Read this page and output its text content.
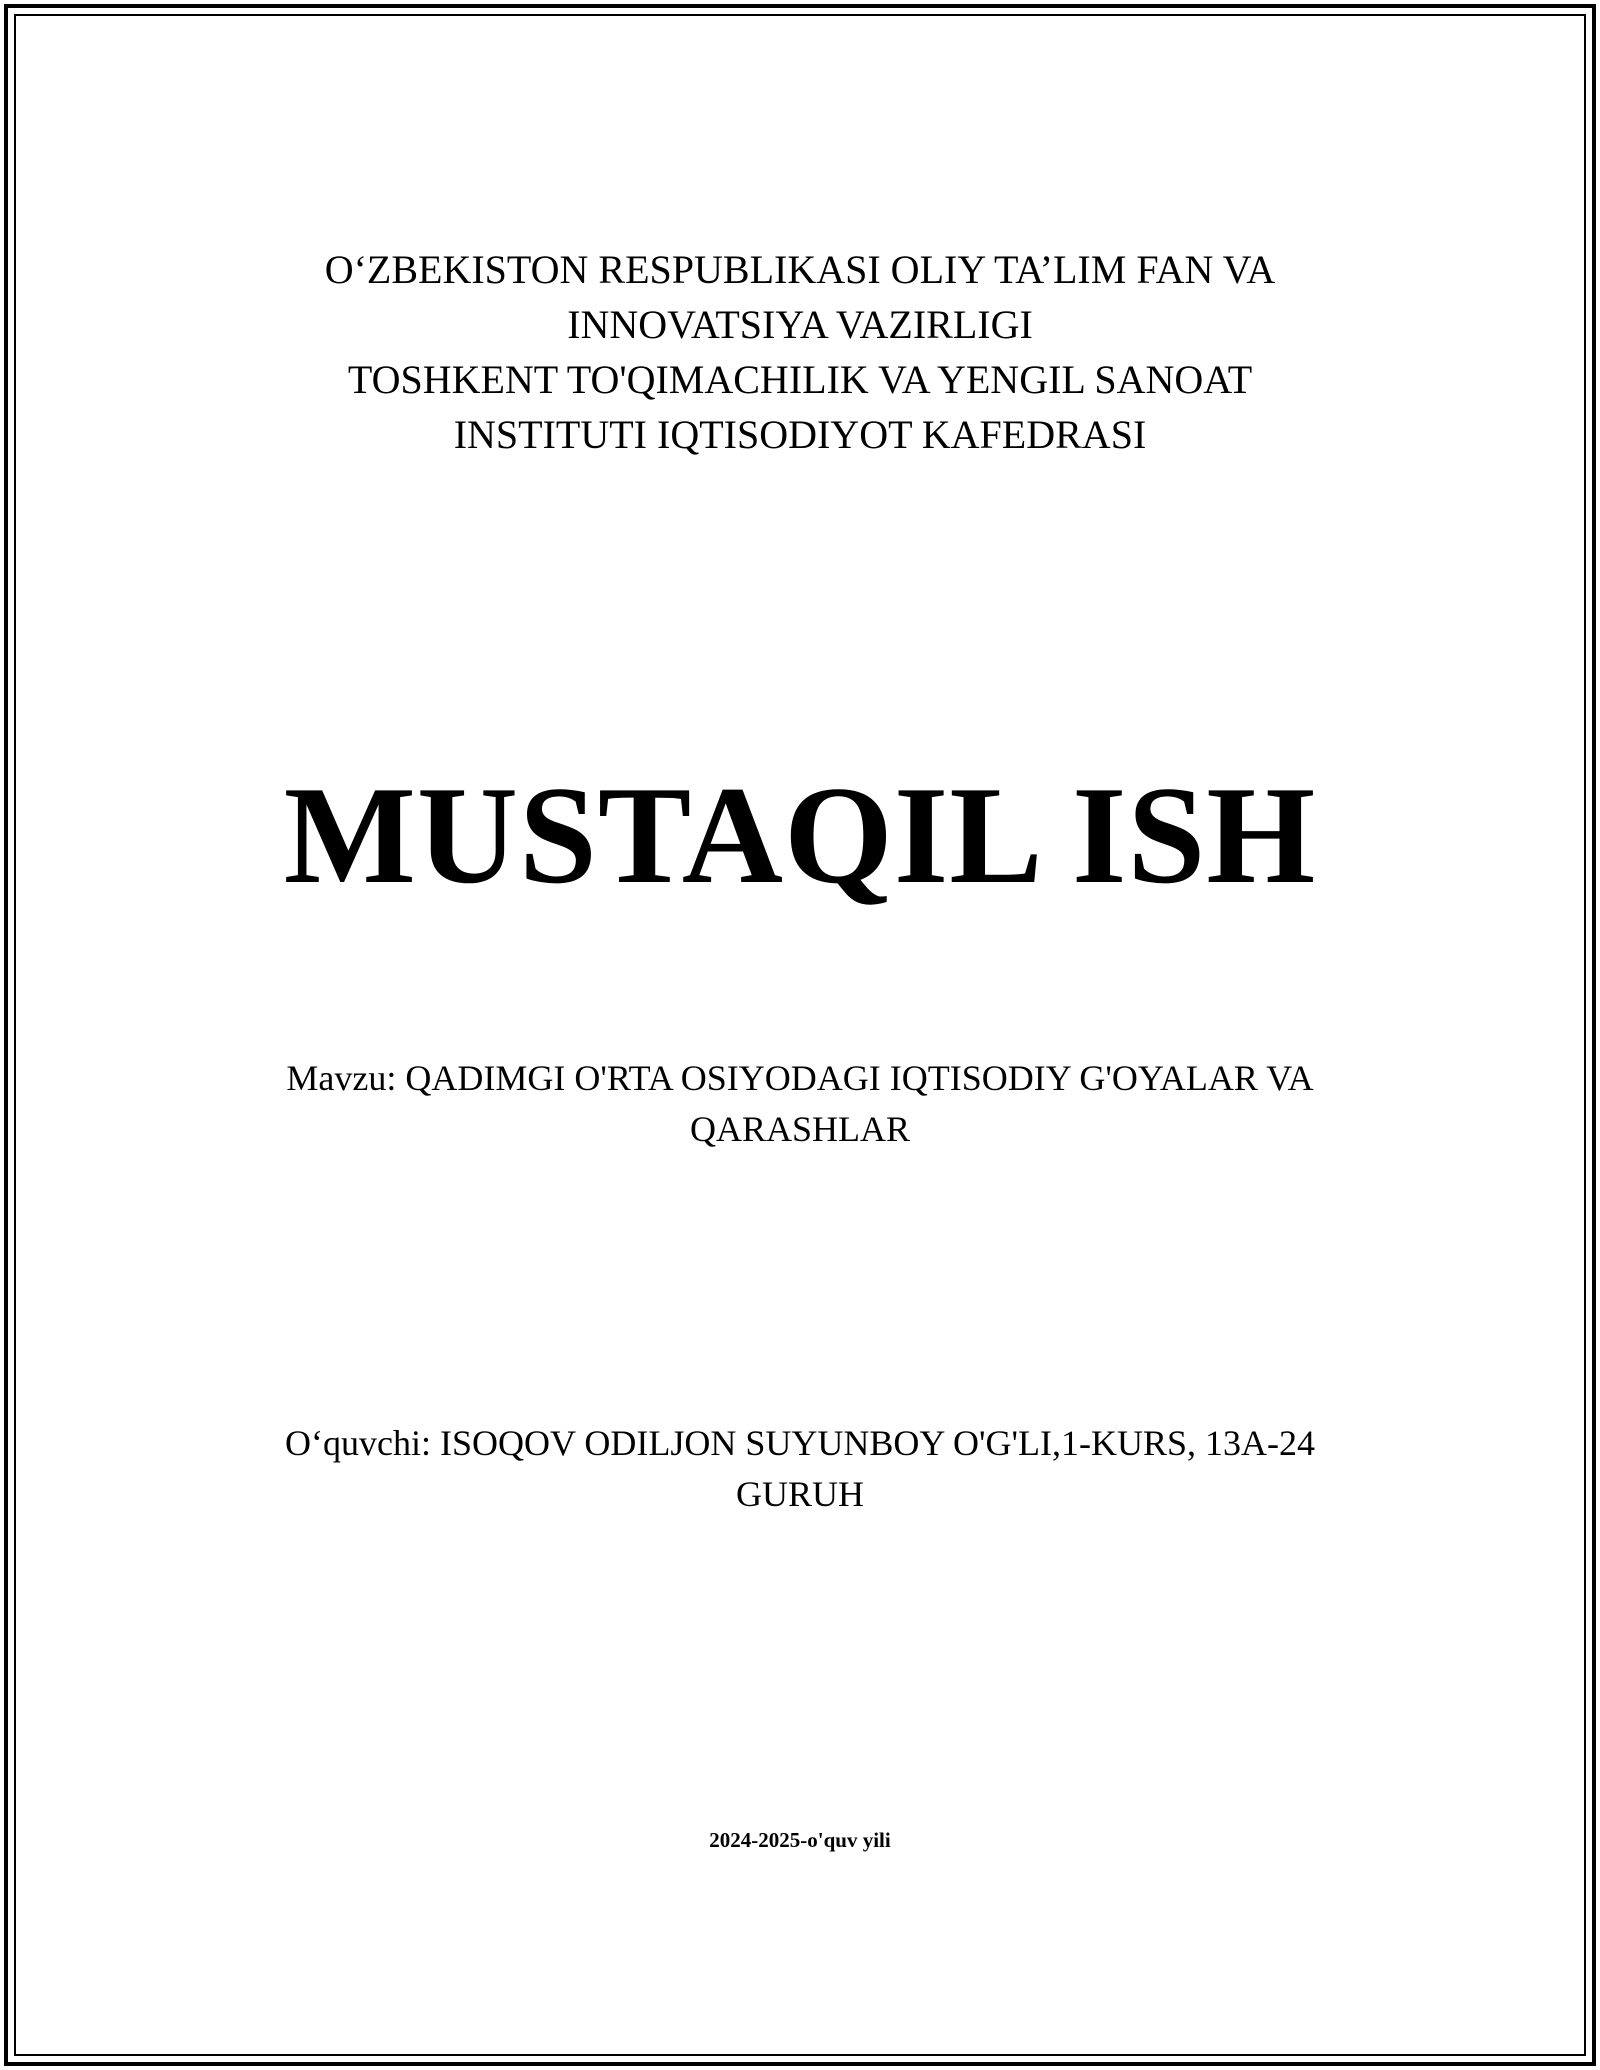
O‘ZBEKISTON RESPUBLIKASI OLIY TA’LIM FAN VA
INNOVATSIYA VAZIRLIGI
TOSHKENT TO'QIMACHILIK VA YENGIL SANOAT
INSTITUTI IQTISODIYOT KAFEDRASI
MUSTAQIL ISH
Mavzu: QADIMGI O'RTA OSIYODAGI IQTISODIY G'OYALAR VA
QARASHLAR
O‘quvchi: ISOQOV ODILJON SUYUNBOY O'G'LI,1-KURS, 13A-24
GURUH
2024-2025-o'quv yili
